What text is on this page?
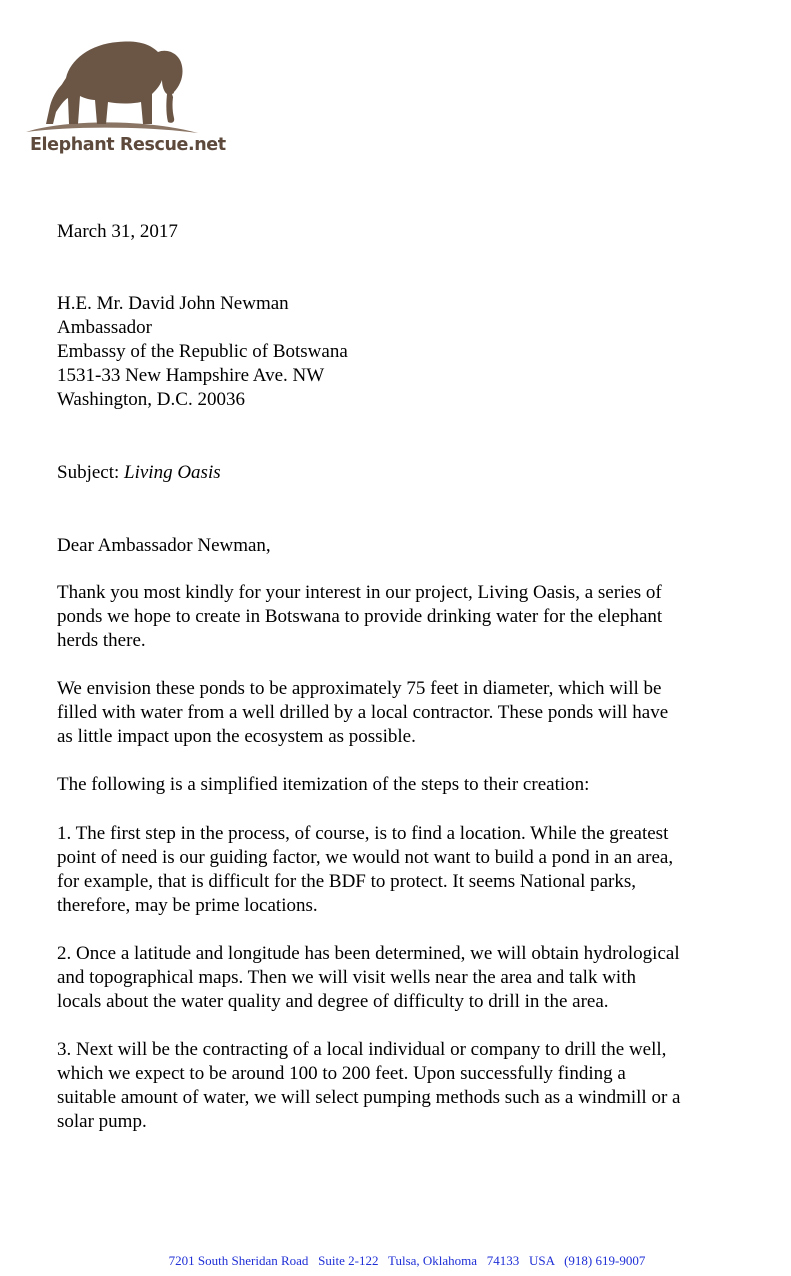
Elephant Rescue.net
March 31, 2017
H.E. Mr. David John Newman
Ambassador
Embassy of the Republic of Botswana
1531-33 New Hampshire Ave. NW
Washington, D.C. 20036
Subject: Living Oasis
Dear Ambassador Newman,
Thank you most kindly for your interest in our project, Living Oasis, a series of
ponds we hope to create in Botswana to provide drinking water for the elephant
herds there.
We envision these ponds to be approximately 75 feet in diameter, which will be
filled with water from a well drilled by a local contractor. These ponds will have
as little impact upon the ecosystem as possible.
The following is a simplified itemization of the steps to their creation:
1. The first step in the process, of course, is to find a location. While the greatest
point of need is our guiding factor, we would not want to build a pond in an area,
for example, that is difficult for the BDF to protect. It seems National parks,
therefore, may be prime locations.
2. Once a latitude and longitude has been determined, we will obtain hydrological
and topographical maps. Then we will visit wells near the area and talk with
locals about the water quality and degree of difficulty to drill in the area.
3. Next will be the contracting of a local individual or company to drill the well,
which we expect to be around 100 to 200 feet. Upon successfully finding a
suitable amount of water, we will select pumping methods such as a windmill or a
solar pump.
7201 South Sheridan Road   Suite 2-122   Tulsa, Oklahoma   74133   USA   (918) 619-9007
